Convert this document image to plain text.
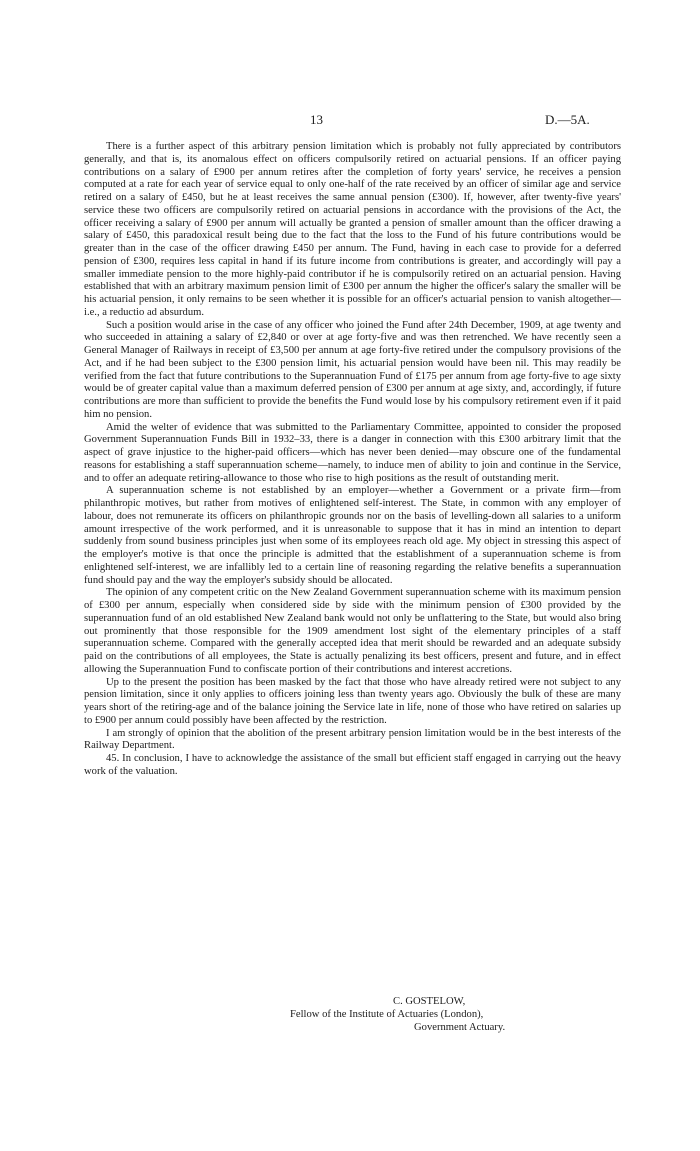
13	D.—5A.

There is a further aspect of this arbitrary pension limitation which is probably not fully appreciated by contributors generally, and that is, its anomalous effect on officers compulsorily retired on actuarial pensions. If an officer paying contributions on a salary of £900 per annum retires after the completion of forty years' service, he receives a pension computed at a rate for each year of service equal to only one-half of the rate received by an officer of similar age and service retired on a salary of £450, but he at least receives the same annual pension (£300). If, however, after twenty-five years' service these two officers are compulsorily retired on actuarial pensions in accordance with the provisions of the Act, the officer receiving a salary of £900 per annum will actually be granted a pension of smaller amount than the officer drawing a salary of £450, this paradoxical result being due to the fact that the loss to the Fund of his future contributions would be greater than in the case of the officer drawing £450 per annum. The Fund, having in each case to provide for a deferred pension of £300, requires less capital in hand if its future income from contributions is greater, and accordingly will pay a smaller immediate pension to the more highly-paid contributor if he is compulsorily retired on an actuarial pension. Having established that with an arbitrary maximum pension limit of £300 per annum the higher the officer's salary the smaller will be his actuarial pension, it only remains to be seen whether it is possible for an officer's actuarial pension to vanish altogether—i.e., a reductio ad absurdum.

Such a position would arise in the case of any officer who joined the Fund after 24th December, 1909, at age twenty and who succeeded in attaining a salary of £2,840 or over at age forty-five and was then retrenched. We have recently seen a General Manager of Railways in receipt of £3,500 per annum at age forty-five retired under the compulsory provisions of the Act, and if he had been subject to the £300 pension limit, his actuarial pension would have been nil. This may readily be verified from the fact that future contributions to the Superannuation Fund of £175 per annum from age forty-five to age sixty would be of greater capital value than a maximum deferred pension of £300 per annum at age sixty, and, accordingly, if future contributions are more than sufficient to provide the benefits the Fund would lose by his compulsory retirement even if it paid him no pension.

Amid the welter of evidence that was submitted to the Parliamentary Committee, appointed to consider the proposed Government Superannuation Funds Bill in 1932–33, there is a danger in connection with this £300 arbitrary limit that the aspect of grave injustice to the higher-paid officers—which has never been denied—may obscure one of the fundamental reasons for establishing a staff superannuation scheme—namely, to induce men of ability to join and continue in the Service, and to offer an adequate retiring-allowance to those who rise to high positions as the result of outstanding merit.

A superannuation scheme is not established by an employer—whether a Government or a private firm—from philanthropic motives, but rather from motives of enlightened self-interest. The State, in common with any employer of labour, does not remunerate its officers on philanthropic grounds nor on the basis of levelling-down all salaries to a uniform amount irrespective of the work performed, and it is unreasonable to suppose that it has in mind an intention to depart suddenly from sound business principles just when some of its employees reach old age. My object in stressing this aspect of the employer's motive is that once the principle is admitted that the establishment of a superannuation scheme is from enlightened self-interest, we are infallibly led to a certain line of reasoning regarding the relative benefits a superannuation fund should pay and the way the employer's subsidy should be allocated.

The opinion of any competent critic on the New Zealand Government superannuation scheme with its maximum pension of £300 per annum, especially when considered side by side with the minimum pension of £300 provided by the superannuation fund of an old established New Zealand bank would not only be unflattering to the State, but would also bring out prominently that those responsible for the 1909 amendment lost sight of the elementary principles of a staff superannuation scheme. Compared with the generally accepted idea that merit should be rewarded and an adequate subsidy paid on the contributions of all employees, the State is actually penalizing its best officers, present and future, and in effect allowing the Superannuation Fund to confiscate portion of their contributions and interest accretions.

Up to the present the position has been masked by the fact that those who have already retired were not subject to any pension limitation, since it only applies to officers joining less than twenty years ago. Obviously the bulk of these are many years short of the retiring-age and of the balance joining the Service late in life, none of those who have retired on salaries up to £900 per annum could possibly have been affected by the restriction.

I am strongly of opinion that the abolition of the present arbitrary pension limitation would be in the best interests of the Railway Department.

45. In conclusion, I have to acknowledge the assistance of the small but efficient staff engaged in carrying out the heavy work of the valuation.

C. GOSTELOW,
Fellow of the Institute of Actuaries (London),
Government Actuary.
